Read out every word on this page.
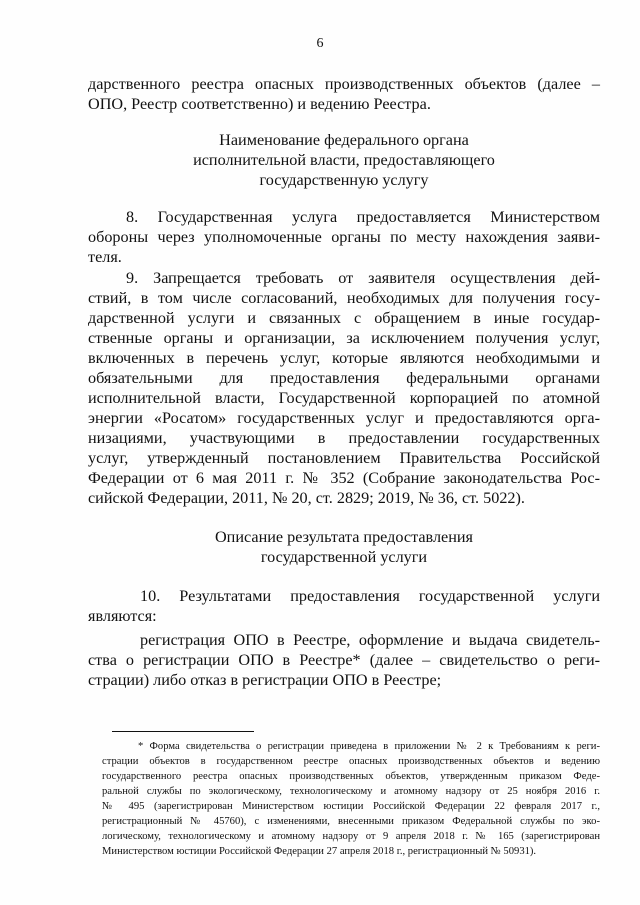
6
дарственного реестра опасных производственных объектов (далее –
ОПО, Реестр соответственно) и ведению Реестра.
Наименование федерального органа
исполнительной власти, предоставляющего
государственную услугу
8. Государственная услуга предоставляется Министерством
обороны через уполномоченные органы по месту нахождения заяви-
теля.
9. Запрещается требовать от заявителя осуществления дей-
ствий, в том числе согласований, необходимых для получения госу-
дарственной услуги и связанных с обращением в иные государ-
ственные органы и организации, за исключением получения услуг,
включенных в перечень услуг, которые являются необходимыми и
обязательными для предоставления федеральными органами
исполнительной власти, Государственной корпорацией по атомной
энергии «Росатом» государственных услуг и предоставляются орга-
низациями, участвующими в предоставлении государственных
услуг, утвержденный постановлением Правительства Российской
Федерации от 6 мая 2011 г. № 352 (Собрание законодательства Рос-
сийской Федерации, 2011, № 20, ст. 2829; 2019, № 36, ст. 5022).
Описание результата предоставления
государственной услуги
10. Результатами предоставления государственной услуги
являются:
регистрация ОПО в Реестре, оформление и выдача свидетель-
ства о регистрации ОПО в Реестре* (далее – свидетельство о реги-
страции) либо отказ в регистрации ОПО в Реестре;
* Форма свидетельства о регистрации приведена в приложении № 2 к Требованиям к реги-
страции объектов в государственном реестре опасных производственных объектов и ведению
государственного реестра опасных производственных объектов, утвержденным приказом Феде-
ральной службы по экологическому, технологическому и атомному надзору от 25 ноября 2016 г.
№ 495 (зарегистрирован Министерством юстиции Российской Федерации 22 февраля 2017 г.,
регистрационный № 45760), с изменениями, внесенными приказом Федеральной службы по эко-
логическому, технологическому и атомному надзору от 9 апреля 2018 г. № 165 (зарегистрирован
Министерством юстиции Российской Федерации 27 апреля 2018 г., регистрационный № 50931).
